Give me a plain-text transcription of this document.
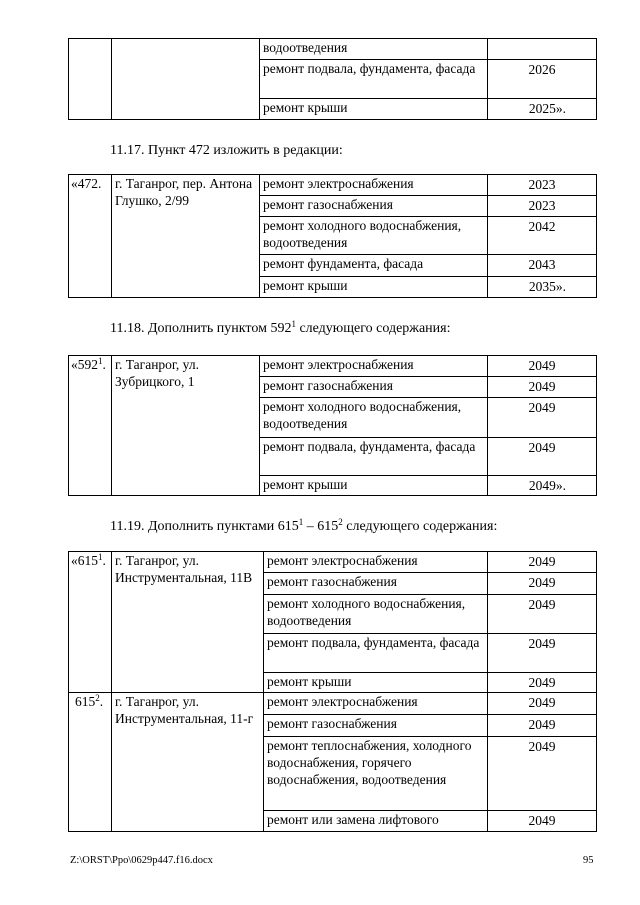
		водоотведения	
		ремонт подвала, фундамента, фасада	2026
		ремонт крыши	2025».
11.17. Пункт 472 изложить в редакции:
«472.	г. Таганрог, пер. Антона Глушко, 2/99	ремонт электроснабжения	2023
		ремонт газоснабжения	2023
		ремонт холодного водоснабжения, водоотведения	2042
		ремонт фундамента, фасада	2043
		ремонт крыши	2035».
11.18. Дополнить пунктом $592^1$ следующего содержания:
«$592^1$.	г. Таганрог, ул. Зубрицкого, 1	ремонт электроснабжения	2049
		ремонт газоснабжения	2049
		ремонт холодного водоснабжения, водоотведения	2049
		ремонт подвала, фундамента, фасада	2049
		ремонт крыши	2049».
11.19. Дополнить пунктами $615^1 - 615^2$ следующего содержания:
«$615^1$.	г. Таганрог, ул. Инструментальная, 11В	ремонт электроснабжения	2049
		ремонт газоснабжения	2049
		ремонт холодного водоснабжения, водоотведения	2049
		ремонт подвала, фундамента, фасада	2049
		ремонт крыши	2049
$615^2$.	г. Таганрог, ул. Инструментальная, 11-г	ремонт электроснабжения	2049
		ремонт газоснабжения	2049
		ремонт теплоснабжения, холодного водоснабжения, горячего водоснабжения, водоотведения	2049
		ремонт или замена лифтового	2049
Z:\ORST\Ppo\0629p447.f16.docx	95
